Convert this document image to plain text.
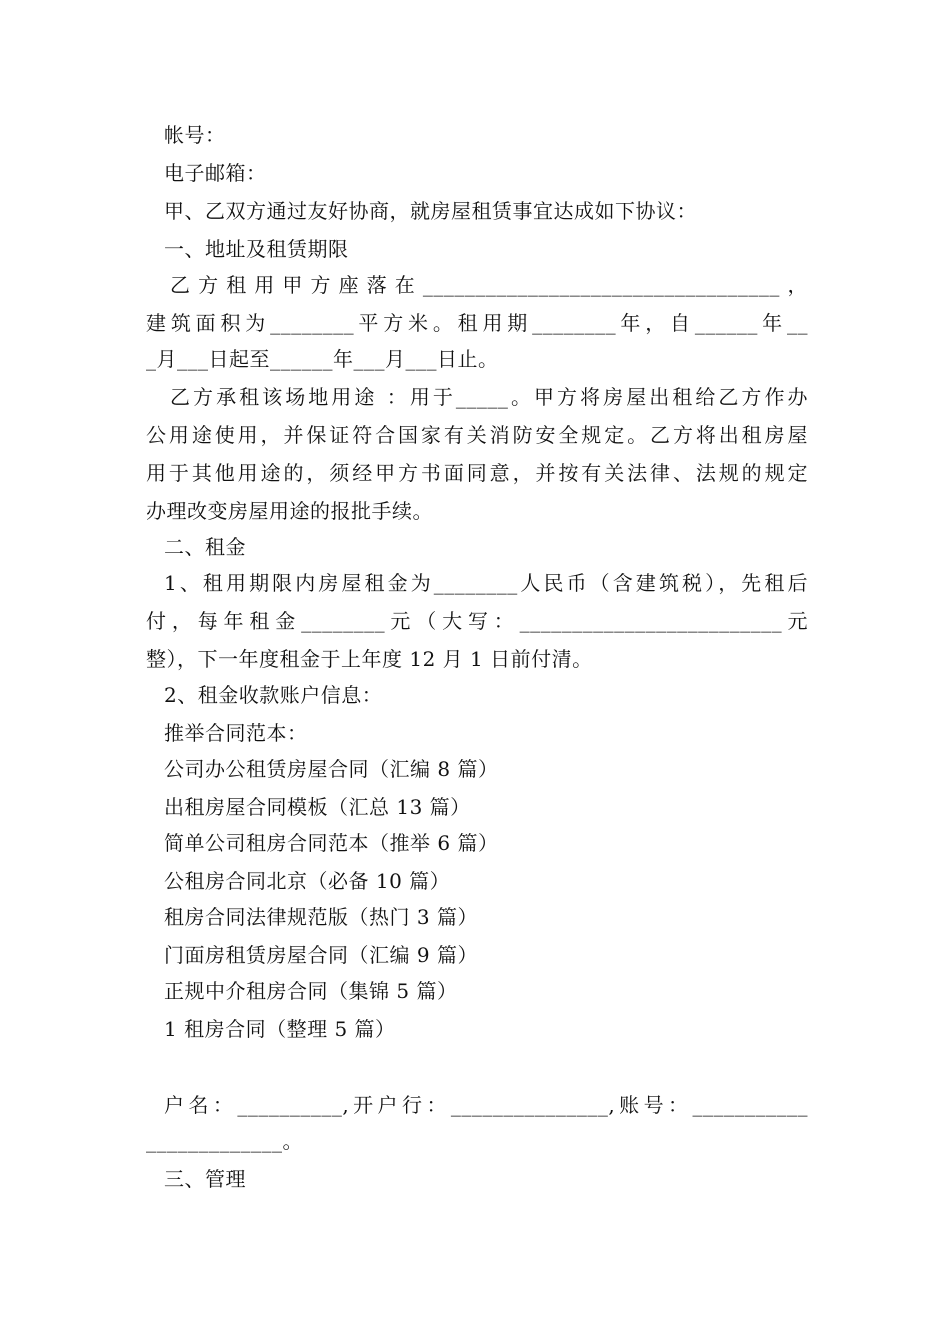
帐号：
电子邮箱：
甲、乙双方通过友好协商，就房屋租赁事宜达成如下协议：
一、地址及租赁期限
乙方租用甲方座落在__________________________________，
建筑面积为________平方米。租用期________年，自______年__
_月___日起至______年___月___日止。
乙方承租该场地用途 ：用于_____。甲方将房屋出租给乙方作办
公用途使用，并保证符合国家有关消防安全规定。乙方将出租房屋
用于其他用途的，须经甲方书面同意，并按有关法律、法规的规定
办理改变房屋用途的报批手续。
二、租金
1、租用期限内房屋租金为________人民币（含建筑税），先租后
付，每年租金________元（大写：_________________________元
整），下一年度租金于上年度 12 月 1 日前付清。
2、租金收款账户信息：
推举合同范本：
公司办公租赁房屋合同（汇编 8 篇）
出租房屋合同模板（汇总 13 篇）
简单公司租房合同范本（推举 6 篇）
公租房合同北京（必备 10 篇）
租房合同法律规范版（热门 3 篇）
门面房租赁房屋合同（汇编 9 篇）
正规中介租房合同（集锦 5 篇）
1 租房合同（整理 5 篇）
户名：__________,开户行：_______________,账号：___________
_____________。
三、管理
